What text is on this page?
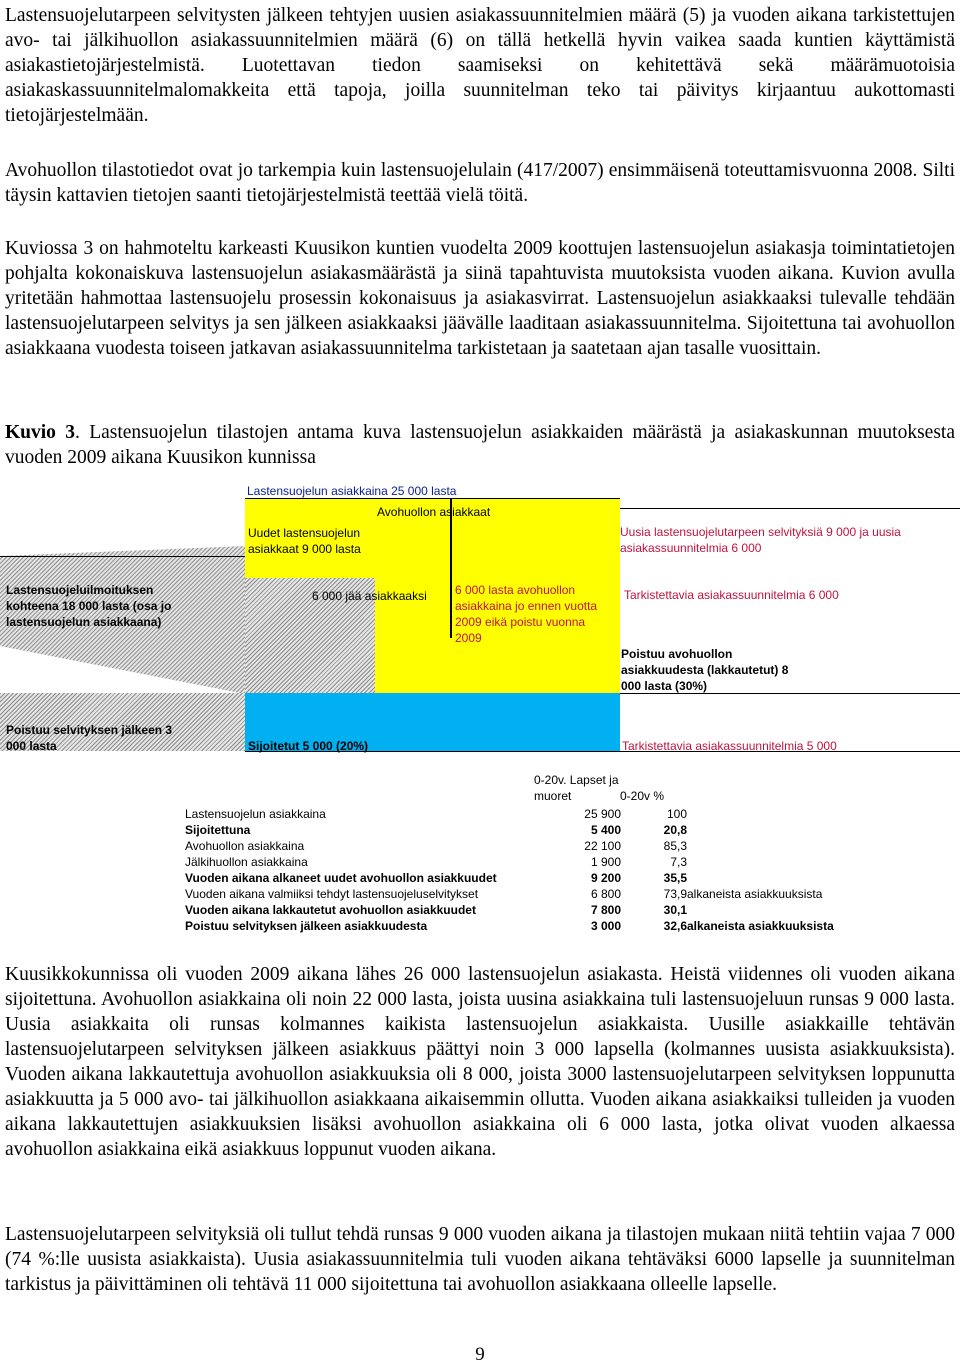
Lastensuojelutarpeen selvitysten jälkeen tehtyjen uusien asiakassuunnitelmien määrä (5) ja vuoden aikana tarkistettujen avo- tai jälkihuollon asiakassuunnitelmien määrä (6) on tällä hetkellä hyvin vaikea saada kuntien käyttämistä asiakastietojärjestelmistä. Luotettavan tiedon saamiseksi on kehitettävä sekä määrämuotoisia asiakaskassuunnitelmalomakkeita että tapoja, joilla suunnitelman teko tai päivitys kirjaantuu aukottomasti tietojärjestelmään.

Avohuollon tilastotiedot ovat jo tarkempia kuin lastensuojelulain (417/2007) ensimmäisenä toteuttamisvuonna 2008. Silti täysin kattavien tietojen saanti tietojärjestelmistä teettää vielä töitä.

Kuviossa 3 on hahmoteltu karkeasti Kuusikon kuntien vuodelta 2009 koottujen lastensuojelun asiakasja toimintatietojen pohjalta kokonaiskuva lastensuojelun asiakasmäärästä ja siinä tapahtuvista muutoksista vuoden aikana. Kuvion avulla yritetään hahmottaa lastensuojelu prosessin kokonaisuus ja asiakasvirrat. Lastensuojelun asiakkaaksi tulevalle tehdään lastensuojelutarpeen selvitys ja sen jälkeen asiakkaaksi jäävälle laaditaan asiakassuunnitelma. Sijoitettuna tai avohuollon asiakkaana vuodesta toiseen jatkavan asiakassuunnitelma tarkistetaan ja saatetaan ajan tasalle vuosittain.

Kuvio 3. Lastensuojelun tilastojen antama kuva lastensuojelun asiakkaiden määrästä ja asiakaskunnan muutoksesta vuoden 2009 aikana Kuusikon kunnissa

Lastensuojelun asiakkaina 25 000 lasta
Avohuollon asiakkaat
Uudet lastensuojelun asiakkaat 9 000 lasta
Uusia lastensuojelutarpeen selvityksiä 9 000 ja uusia asiakassuunnitelmia 6 000
Lastensuojeluilmoituksen kohteena 18 000 lasta (osa jo lastensuojelun asiakkaana)
6 000 jää asiakkaaksi	6 000 lasta avohuollon asiakkaina jo ennen vuotta 2009 eikä poistu vuonna 2009
Tarkistettavia asiakassuunnitelmia 6 000
Poistuu avohuollon asiakkuudesta (lakkautetut) 8 000 lasta (30%)
Poistuu selvityksen jälkeen 3 000 lasta	Sijoitetut 5 000 (20%)	Tarkistettavia asiakassuunnitelmia 5 000
0-20v. Lapset ja muoret	0-20v %
Lastensuojelun asiakkaina	25 900	100
Sijoitettuna	5 400	20,8
Avohuollon asiakkaina	22 100	85,3
Jälkihuollon asiakkaina	1 900	7,3
Vuoden aikana alkaneet uudet avohuollon asiakkuudet	9 200	35,5
Vuoden aikana valmiiksi tehdyt lastensuojeluselvitykset	6 800	73,9 alkaneista asiakkuuksista
Vuoden aikana lakkautetut avohuollon asiakkuudet	7 800	30,1
Poistuu selvityksen jälkeen asiakkuudesta	3 000	32,6 alkaneista asiakkuuksista
9

Kuusikkokunnissa oli vuoden 2009 aikana lähes 26 000 lastensuojelun asiakasta. Heistä viidennes oli vuoden aikana sijoitettuna. Avohuollon asiakkaina oli noin 22 000 lasta, joista uusina asiakkaina tuli lastensuojeluun runsas 9 000 lasta. Uusia asiakkaita oli runsas kolmannes kaikista lastensuojelun asiakkaista. Uusille asiakkaille tehtävän lastensuojelutarpeen selvityksen jälkeen asiakkuus päättyi noin 3 000 lapsella (kolmannes uusista asiakkuuksista). Vuoden aikana lakkautettuja avohuollon asiakkuuksia oli 8 000, joista 3000 lastensuojelutarpeen selvityksen loppunutta asiakkuutta ja 5 000 avo- tai jälkihuollon asiakkaana aikaisemmin ollutta. Vuoden aikana asiakkaiksi tulleiden ja vuoden aikana lakkautettujen asiakkuuksien lisäksi avohuollon asiakkaina oli 6 000 lasta, jotka olivat vuoden alkaessa avohuollon asiakkaina eikä asiakkuus loppunut vuoden aikana.

Lastensuojelutarpeen selvityksiä oli tullut tehdä runsas 9 000 vuoden aikana ja tilastojen mukaan niitä tehtiin vajaa 7 000 (74 %:lle uusista asiakkaista). Uusia asiakassuunnitelmia tuli vuoden aikana tehtäväksi 6000 lapselle ja suunnitelman tarkistus ja päivittäminen oli tehtävä 11 000 sijoitettuna tai avohuollon asiakkaana olleelle lapselle.
